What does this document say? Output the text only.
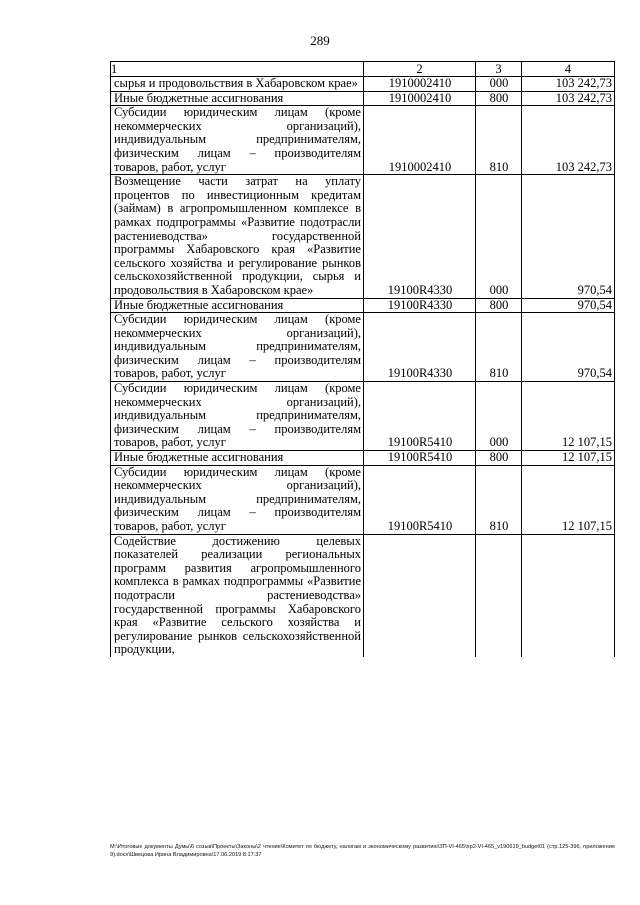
289
1	2	3	4
сырья и продовольствия в Хабаровском крае»	1910002410	000	103 242,73
Иные бюджетные ассигнования	1910002410	800	103 242,73
Субсидии юридическим лицам (кроме некоммерческих организаций), индивидуальным предпринимателям, физическим лицам – производителям товаров, работ, услуг	1910002410	810	103 242,73
Возмещение части затрат на уплату процентов по инвестиционным кредитам (займам) в агропромышленном комплексе в рамках подпрограммы «Развитие подотрасли растениеводства» государственной программы Хабаровского края «Развитие сельского хозяйства и регулирование рынков сельскохозяйственной продукции, сырья и продовольствия в Хабаровском крае»	19100R4330	000	970,54
Иные бюджетные ассигнования	19100R4330	800	970,54
Субсидии юридическим лицам (кроме некоммерческих организаций), индивидуальным предпринимателям, физическим лицам – производителям товаров, работ, услуг	19100R4330	810	970,54
Субсидии юридическим лицам (кроме некоммерческих организаций), индивидуальным предпринимателям, физическим лицам – производителям товаров, работ, услуг	19100R5410	000	12 107,15
Иные бюджетные ассигнования	19100R5410	800	12 107,15
Субсидии юридическим лицам (кроме некоммерческих организаций), индивидуальным предпринимателям, физическим лицам – производителям товаров, работ, услуг	19100R5410	810	12 107,15
Содействие достижению целевых показателей реализации региональных программ развития агропромышленного комплекса в рамках подпрограммы «Развитие подотрасли растениеводства» государственной программы Хабаровского края «Развитие сельского хозяйства и регулирование рынков сельскохозяйственной продукции,			
M:\Итоговые документы Думы\6 созыв\Проекты\Законы\2 чтение\Комитет по бюджету, налогам и экономическому развитию\ЗП-VI-465\пр2-VI-465_v190619_budget01 (стр.125-396, приложение 9).docx\Швецова Ирина Владимировна\17.06.2019 8:17:37
